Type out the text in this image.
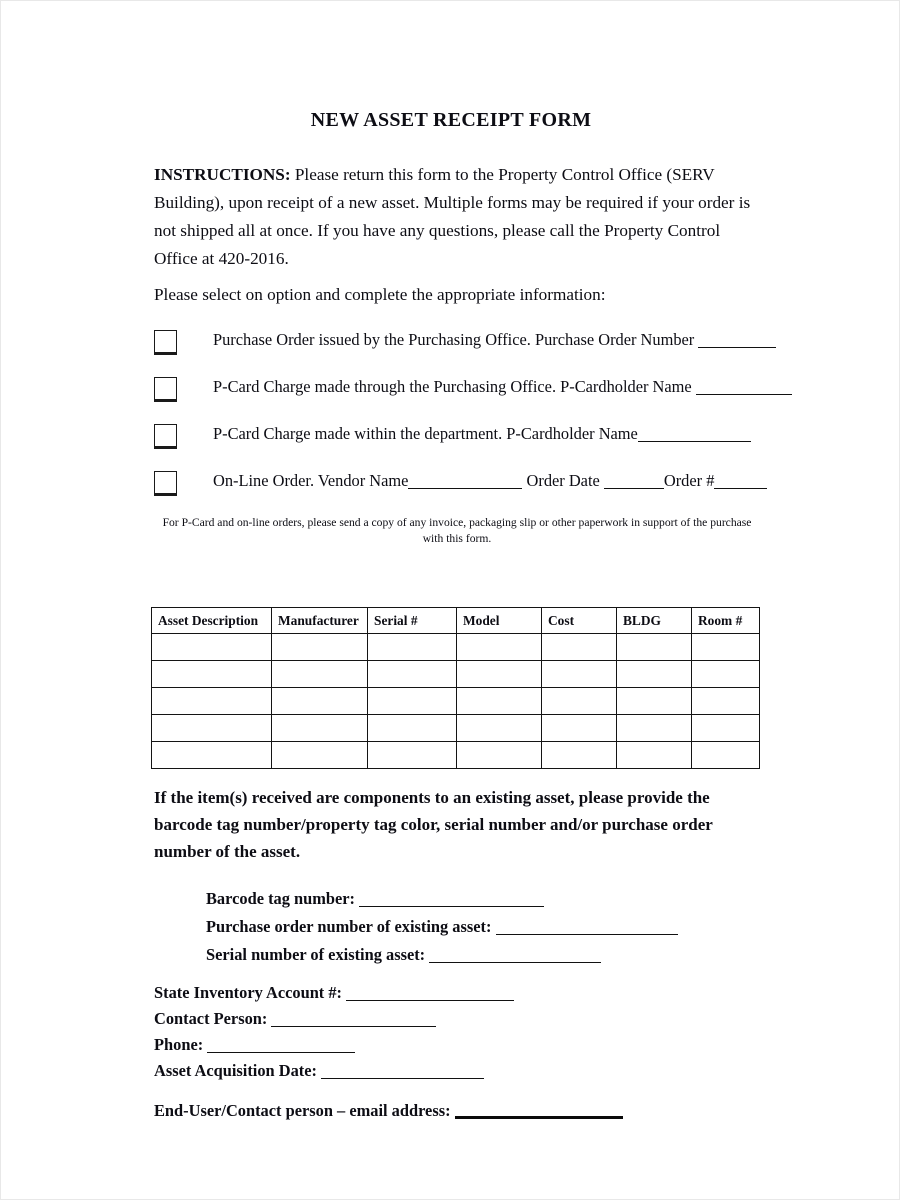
NEW ASSET RECEIPT FORM
INSTRUCTIONS: Please return this form to the Property Control Office (SERV Building), upon receipt of a new asset. Multiple forms may be required if your order is not shipped all at once. If you have any questions, please call the Property Control Office at 420-2016.
Please select on option and complete the appropriate information:
Purchase Order issued by the Purchasing Office. Purchase Order Number
P-Card Charge made through the Purchasing Office. P-Cardholder Name
P-Card Charge made within the department. P-Cardholder Name
On-Line Order. Vendor Name	Order Date	Order #
For P-Card and on-line orders, please send a copy of any invoice, packaging slip or other paperwork in support of the purchase with this form.
Asset Description	Manufacturer	Serial #	Model	Cost	BLDG	Room #

If the item(s) received are components to an existing asset, please provide the barcode tag number/property tag color, serial number and/or purchase order number of the asset.
Barcode tag number:
Purchase order number of existing asset:
Serial number of existing asset:
State Inventory Account #:
Contact Person:
Phone:
Asset Acquisition Date:
End-User/Contact person – email address:
